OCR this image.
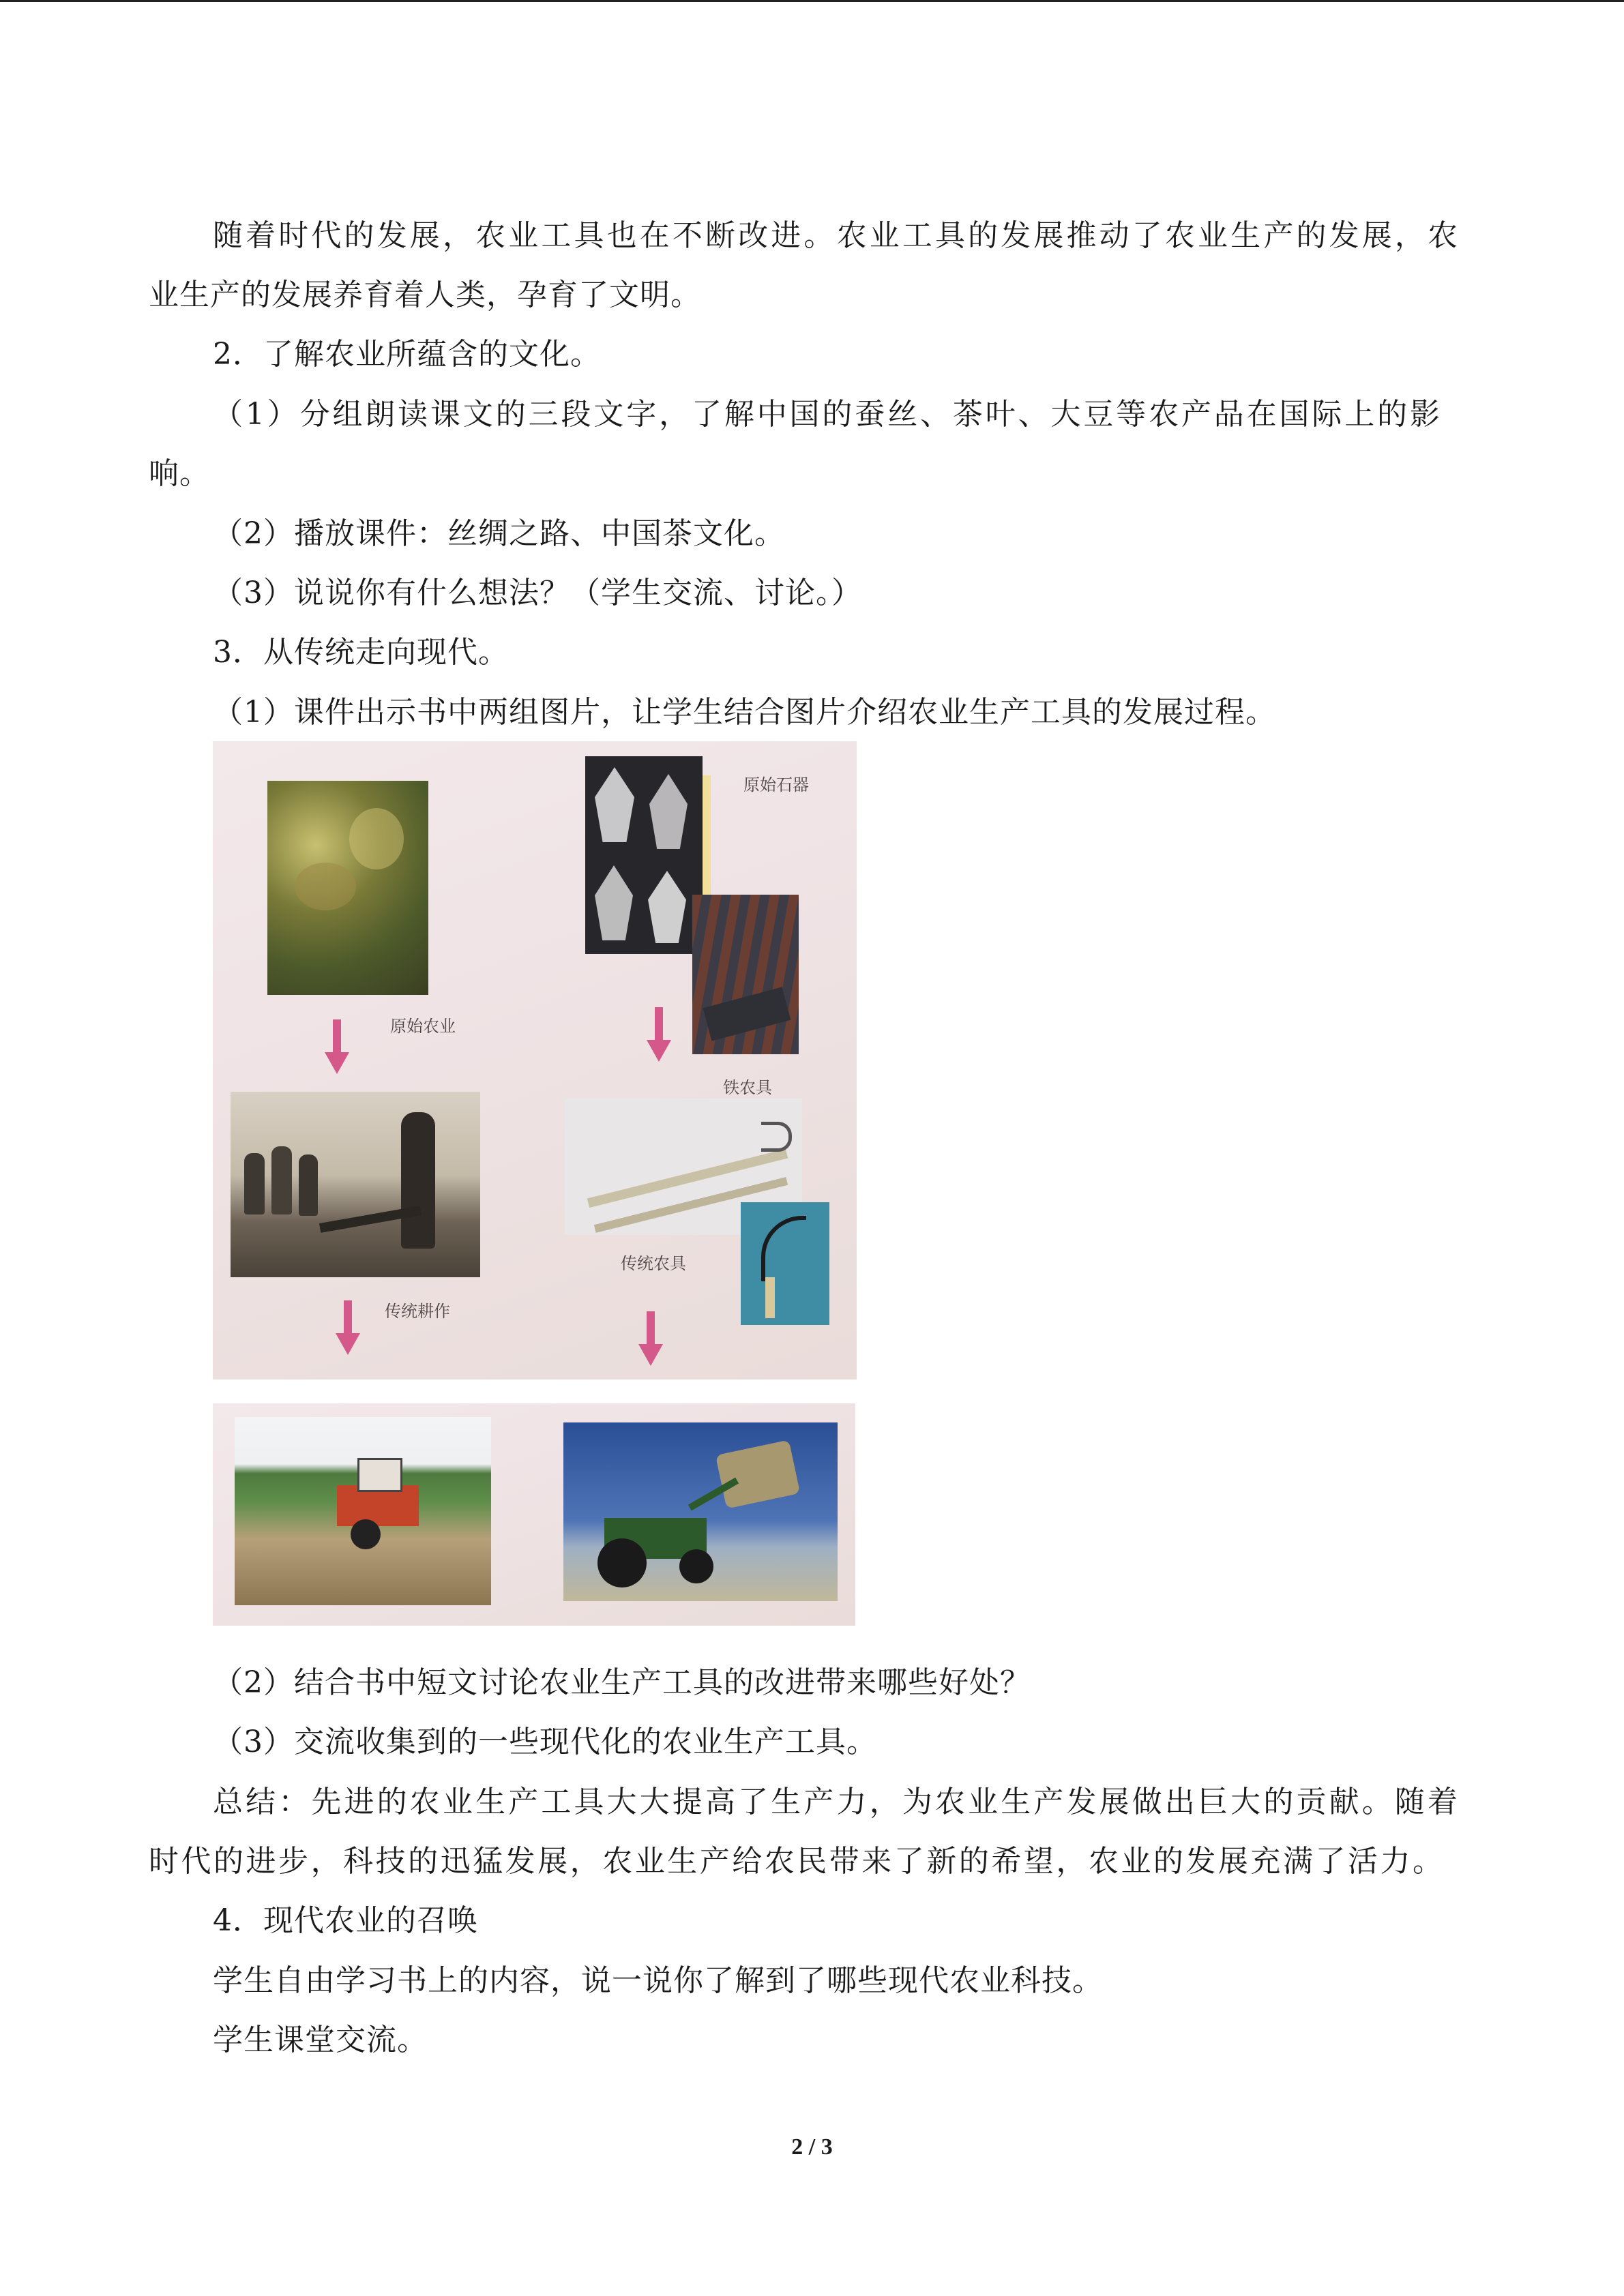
随着时代的发展，农业工具也在不断改进。农业工具的发展推动了农业生产的发展，农
业生产的发展养育着人类，孕育了文明。
2．了解农业所蕴含的文化。
（1）分组朗读课文的三段文字，了解中国的蚕丝、茶叶、大豆等农产品在国际上的影
响。
（2）播放课件：丝绸之路、中国茶文化。
（3）说说你有什么想法？（学生交流、讨论。）
3．从传统走向现代。
（1）课件出示书中两组图片，让学生结合图片介绍农业生产工具的发展过程。
原始农业
原始石器
铁农具
传统农具
传统耕作
（2）结合书中短文讨论农业生产工具的改进带来哪些好处？
（3）交流收集到的一些现代化的农业生产工具。
总结：先进的农业生产工具大大提高了生产力，为农业生产发展做出巨大的贡献。随着
时代的进步，科技的迅猛发展，农业生产给农民带来了新的希望，农业的发展充满了活力。
4．现代农业的召唤
学生自由学习书上的内容，说一说你了解到了哪些现代农业科技。
学生课堂交流。
2 / 3
